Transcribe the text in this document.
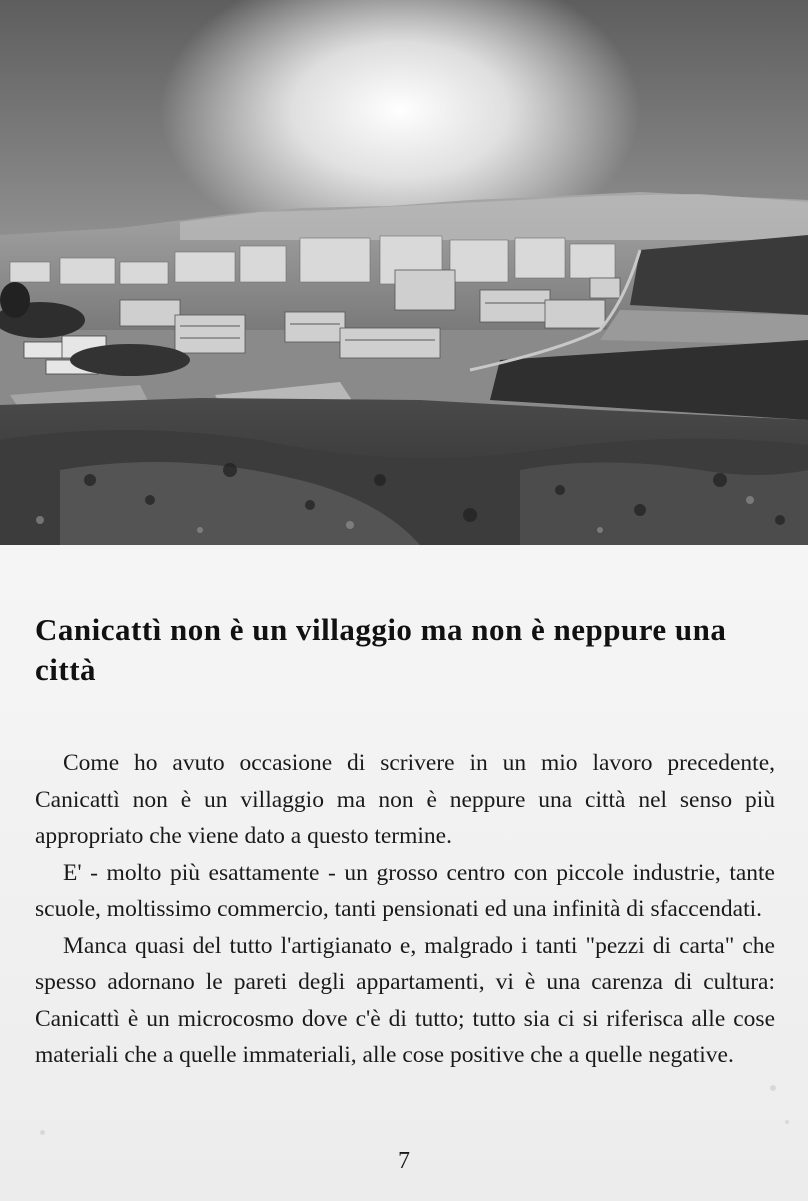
Canicattì non è un villaggio ma non è neppure una città

Come ho avuto occasione di scrivere in un mio lavoro precedente, Canicattì non è un villaggio ma non è neppure una città nel senso più appropriato che viene dato a questo termine.

E' - molto più esattamente - un grosso centro con piccole industrie, tante scuole, moltissimo commercio, tanti pensionati ed una infinità di sfaccendati.

Manca quasi del tutto l'artigianato e, malgrado i tanti "pezzi di carta" che spesso adornano le pareti degli appartamenti, vi è una carenza di cultura: Canicattì è un microcosmo dove c'è di tutto; tutto sia ci si riferisca alle cose materiali che a quelle immateriali, alle cose positive che a quelle negative.

7
